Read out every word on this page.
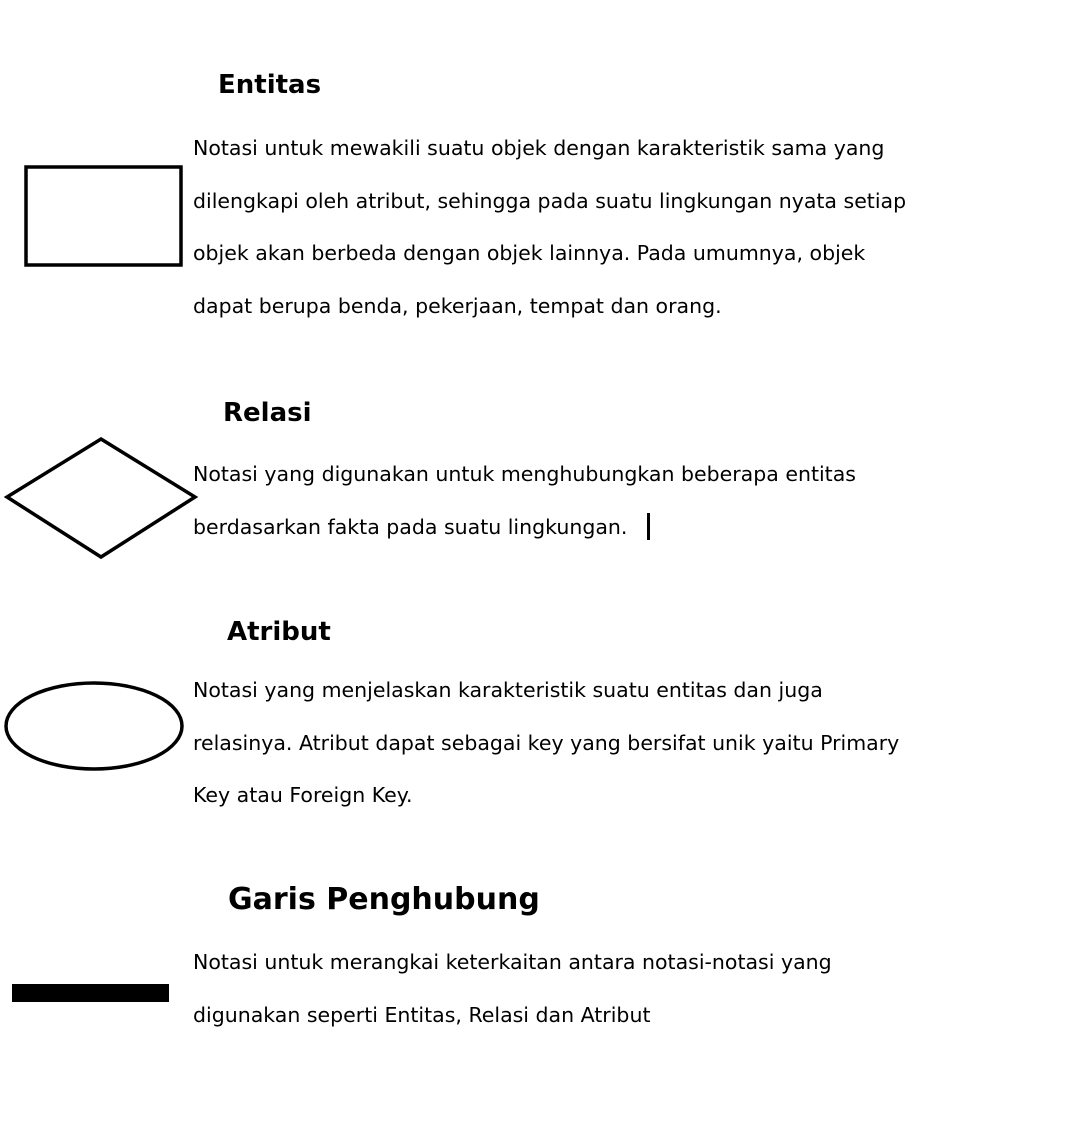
Entitas
Notasi untuk mewakili suatu objek dengan karakteristik sama yang
dilengkapi oleh atribut, sehingga pada suatu lingkungan nyata setiap
objek akan berbeda dengan objek lainnya. Pada umumnya, objek
dapat berupa benda, pekerjaan, tempat dan orang.
Relasi
Notasi yang digunakan untuk menghubungkan beberapa entitas
berdasarkan fakta pada suatu lingkungan.
Atribut
Notasi yang menjelaskan karakteristik suatu entitas dan juga
relasinya. Atribut dapat sebagai key yang bersifat unik yaitu Primary
Key atau Foreign Key.
Garis Penghubung
Notasi untuk merangkai keterkaitan antara notasi-notasi yang
digunakan seperti Entitas, Relasi dan Atribut
